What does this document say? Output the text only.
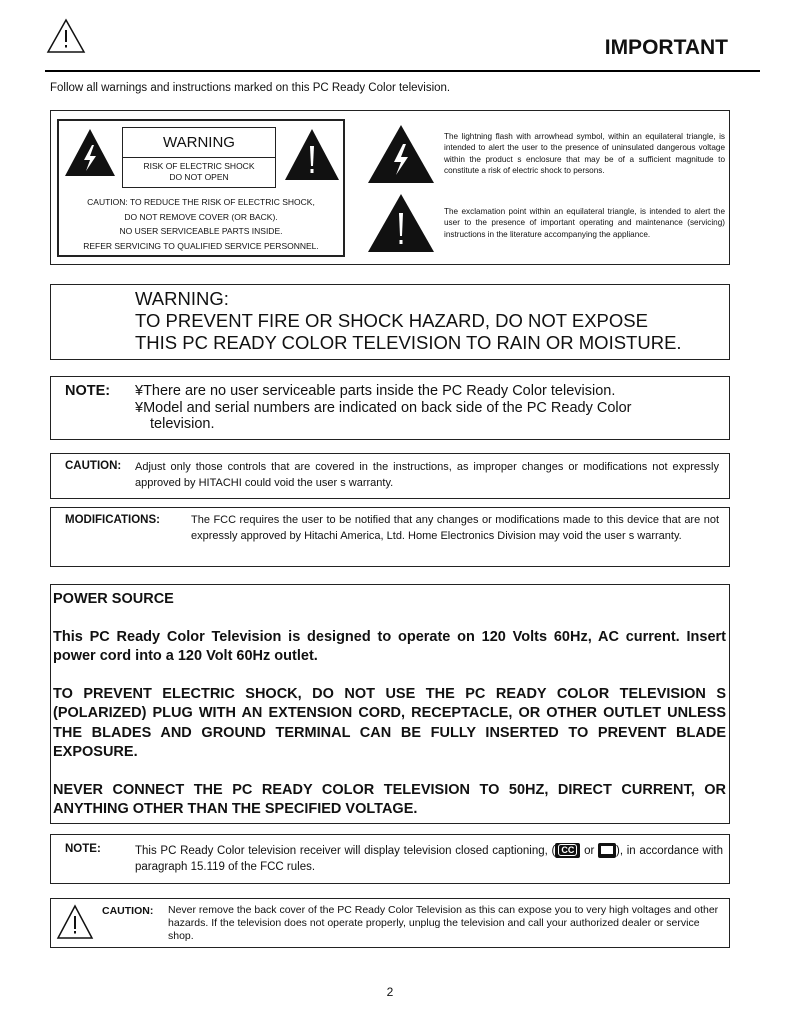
IMPORTANT
Follow all warnings and instructions marked on this PC Ready Color television.
WARNING
RISK OF ELECTRIC SHOCK
DO NOT OPEN
CAUTION: TO REDUCE THE RISK OF ELECTRIC SHOCK,
DO NOT REMOVE COVER (OR BACK).
NO USER SERVICEABLE PARTS INSIDE.
REFER SERVICING TO QUALIFIED SERVICE PERSONNEL.
The lightning flash with arrowhead symbol, within an equilateral triangle, is intended to alert the user to the presence of uninsulated dangerous voltage within the product s enclosure that may be of a sufficient magnitude to constitute a risk of electric shock to persons.
The exclamation point within an equilateral triangle, is intended to alert the user to the presence of important operating and maintenance (servicing) instructions in the literature accompanying the appliance.
WARNING:
TO PREVENT FIRE OR SHOCK HAZARD, DO NOT EXPOSE
THIS PC READY COLOR TELEVISION TO RAIN OR MOISTURE.
NOTE: ¥There are no user serviceable parts inside the PC Ready Color television.
¥Model and serial numbers are indicated on back side of the PC Ready Color
television.
CAUTION: Adjust only those controls that are covered in the instructions, as improper changes or modifications not expressly approved by HITACHI could void the user s warranty.
MODIFICATIONS:	The FCC requires the user to be notified that any changes or modifications made to this device that are not expressly approved by Hitachi America, Ltd. Home Electronics Division may void the user s warranty.

POWER SOURCE

This PC Ready Color Television is designed to operate on 120 Volts 60Hz, AC current. Insert power cord into a 120 Volt 60Hz outlet.

TO PREVENT ELECTRIC SHOCK, DO NOT USE THE PC READY COLOR TELEVISION S (POLARIZED) PLUG WITH AN EXTENSION CORD, RECEPTACLE, OR OTHER OUTLET UNLESS THE BLADES AND GROUND TERMINAL CAN BE FULLY INSERTED TO PREVENT BLADE EXPOSURE.

NEVER CONNECT THE PC READY COLOR TELEVISION TO 50HZ, DIRECT CURRENT, OR ANYTHING OTHER THAN THE SPECIFIED VOLTAGE.

NOTE:	This PC Ready Color television receiver will display television closed captioning, ( CC or ), in accordance with paragraph 15.119 of the FCC rules.
CAUTION: Never remove the back cover of the PC Ready Color Television as this can expose you to very high voltages and other hazards. If the television does not operate properly, unplug the television and call your authorized dealer or service shop.
2
